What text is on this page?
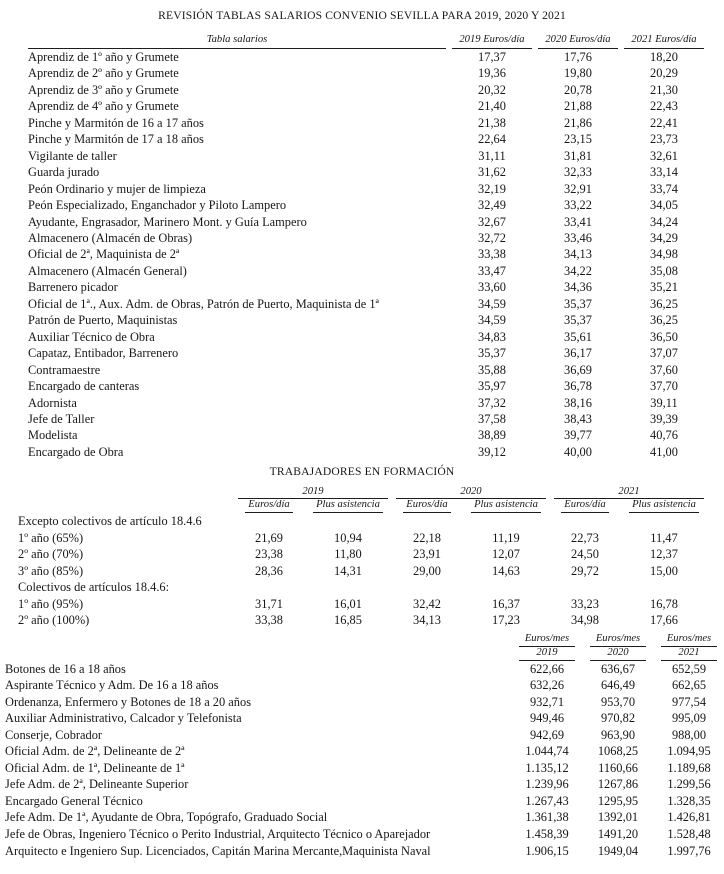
REVISIÓN TABLAS SALARIOS CONVENIO SEVILLA PARA 2019, 2020 Y 2021
Tabla salarios	2019 Euros/día	2020 Euros/día	2021 Euros/día
Aprendiz de 1º año y Grumete	17,37	17,76	18,20
Aprendiz de 2º año y Grumete	19,36	19,80	20,29
Aprendiz de 3º año y Grumete	20,32	20,78	21,30
Aprendiz de 4º año y Grumete	21,40	21,88	22,43
Pinche y Marmitón de 16 a 17 años	21,38	21,86	22,41
Pinche y Marmitón de 17 a 18 años	22,64	23,15	23,73
Vigilante de taller	31,11	31,81	32,61
Guarda jurado	31,62	32,33	33,14
Peón Ordinario y mujer de limpieza	32,19	32,91	33,74
Peón Especializado, Enganchador y Piloto Lampero	32,49	33,22	34,05
Ayudante, Engrasador, Marinero Mont. y Guía Lampero	32,67	33,41	34,24
Almacenero (Almacén de Obras)	32,72	33,46	34,29
Oficial de 2ª, Maquinista de 2ª	33,38	34,13	34,98
Almacenero (Almacén General)	33,47	34,22	35,08
Barrenero picador	33,60	34,36	35,21
Oficial de 1ª., Aux. Adm. de Obras, Patrón de Puerto, Maquinista de 1ª	34,59	35,37	36,25
Patrón de Puerto, Maquinistas	34,59	35,37	36,25
Auxiliar Técnico de Obra	34,83	35,61	36,50
Capataz, Entibador, Barrenero	35,37	36,17	37,07
Contramaestre	35,88	36,69	37,60
Encargado de canteras	35,97	36,78	37,70
Adornista	37,32	38,16	39,11
Jefe de Taller	37,58	38,43	39,39
Modelista	38,89	39,77	40,76
Encargado de Obra	39,12	40,00	41,00
TRABAJADORES EN FORMACIÓN
	2019		2020		2021	
	Euros/día	Plus asistencia	Euros/día	Plus asistencia	Euros/día	Plus asistencia
Excepto colectivos de artículo 18.4.6						
1º año (65%)	21,69	10,94	22,18	11,19	22,73	11,47
2º año (70%)	23,38	11,80	23,91	12,07	24,50	12,37
3º año (85%)	28,36	14,31	29,00	14,63	29,72	15,00
Colectivos de artículos 18.4.6:						
1º año (95%)	31,71	16,01	32,42	16,37	33,23	16,78
2º año (100%)	33,38	16,85	34,13	17,23	34,98	17,66
	Euros/mes	Euros/mes	Euros/mes
	2019	2020	2021
Botones de 16 a 18 años	622,66	636,67	652,59
Aspirante Técnico y Adm. De 16 a 18 años	632,26	646,49	662,65
Ordenanza, Enfermero y Botones de 18 a 20 años	932,71	953,70	977,54
Auxiliar Administrativo, Calcador y Telefonista	949,46	970,82	995,09
Conserje, Cobrador	942,69	963,90	988,00
Oficial Adm. de 2ª, Delineante de 2ª	1.044,74	1068,25	1.094,95
Oficial Adm. de 1ª, Delineante de 1ª	1.135,12	1160,66	1.189,68
Jefe Adm. de 2ª, Delineante Superior	1.239,96	1267,86	1.299,56
Encargado General Técnico	1.267,43	1295,95	1.328,35
Jefe Adm. De 1ª, Ayudante de Obra, Topógrafo, Graduado Social	1.361,38	1392,01	1.426,81
Jefe de Obras, Ingeniero Técnico o Perito Industrial, Arquitecto Técnico o Aparejador	1.458,39	1491,20	1.528,48
Arquitecto e Ingeniero Sup. Licenciados, Capitán Marina Mercante,Maquinista Naval	1.906,15	1949,04	1.997,76
